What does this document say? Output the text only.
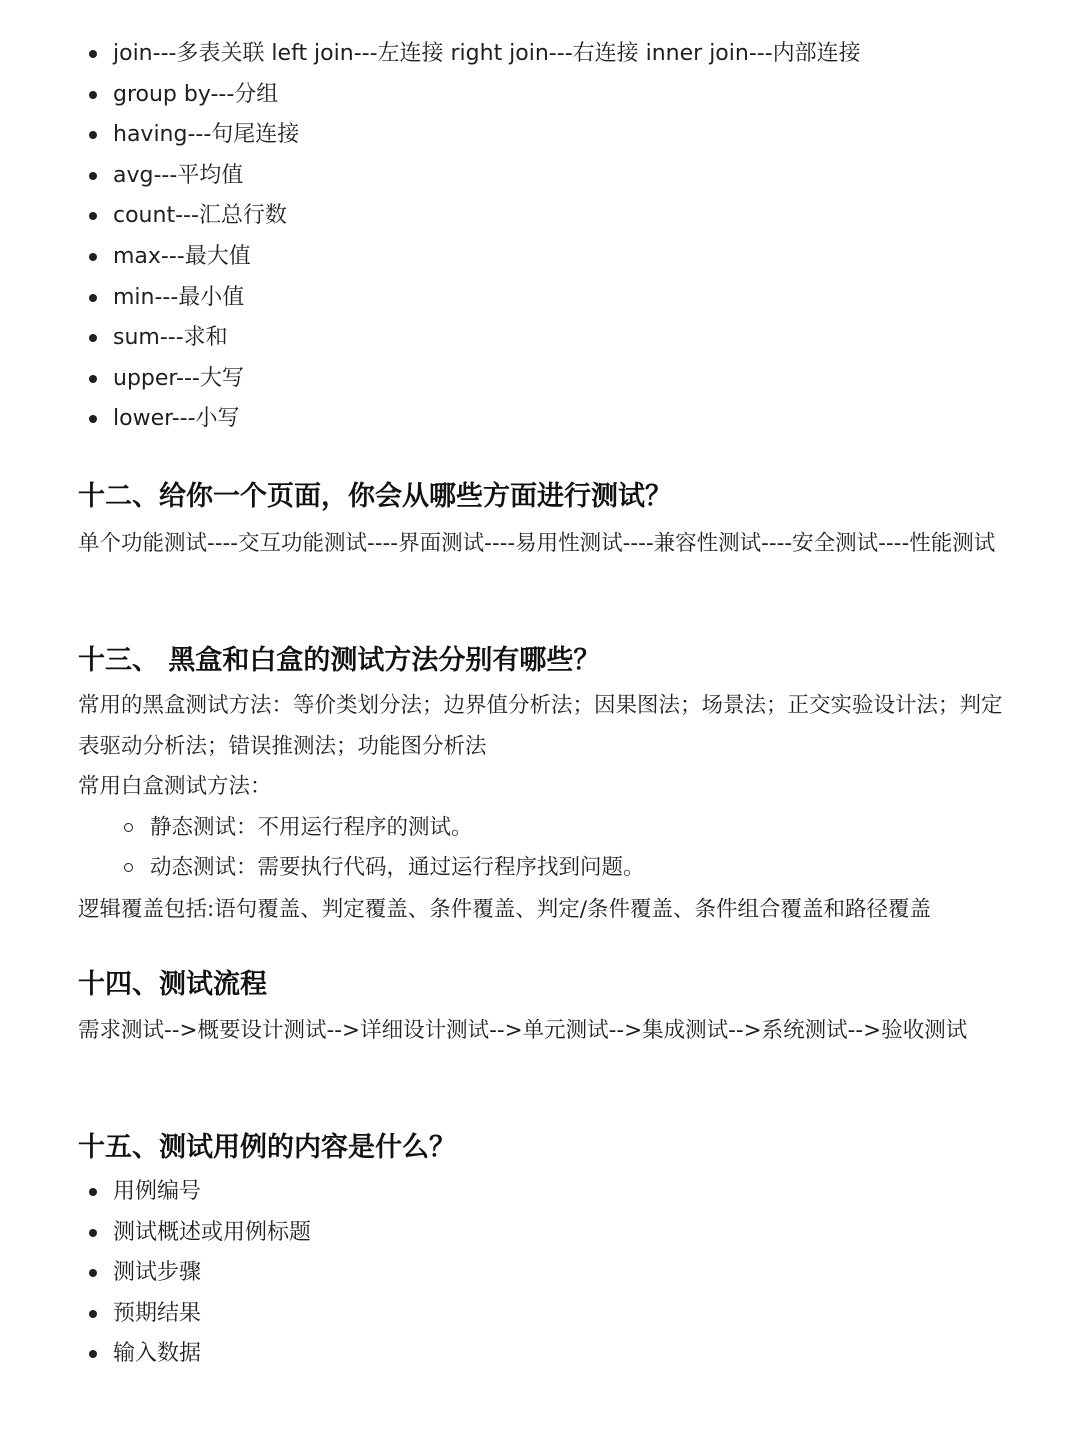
join---多表关联 left join---左连接 right join---右连接 inner join---内部连接
group by---分组
having---句尾连接
avg---平均值
count---汇总行数
max---最大值
min---最小值
sum---求和
upper---大写
lower---小写
十二、给你一个页面，你会从哪些方面进行测试？

单个功能测试----交互功能测试----界面测试----易用性测试----兼容性测试----安全测试----性能测试

十三、 黑盒和白盒的测试方法分别有哪些？

常用的黑盒测试方法：等价类划分法；边界值分析法；因果图法；场景法；正交实验设计法；判定表驱动分析法；错误推测法；功能图分析法

常用白盒测试方法：

静态测试：不用运行程序的测试。
动态测试：需要执行代码，通过运行程序找到问题。

逻辑覆盖包括:语句覆盖、判定覆盖、条件覆盖、判定/条件覆盖、条件组合覆盖和路径覆盖

十四、测试流程

需求测试-->概要设计测试-->详细设计测试-->单元测试-->集成测试-->系统测试-->验收测试

十五、测试用例的内容是什么？
用例编号
测试概述或用例标题
测试步骤
预期结果
输入数据
